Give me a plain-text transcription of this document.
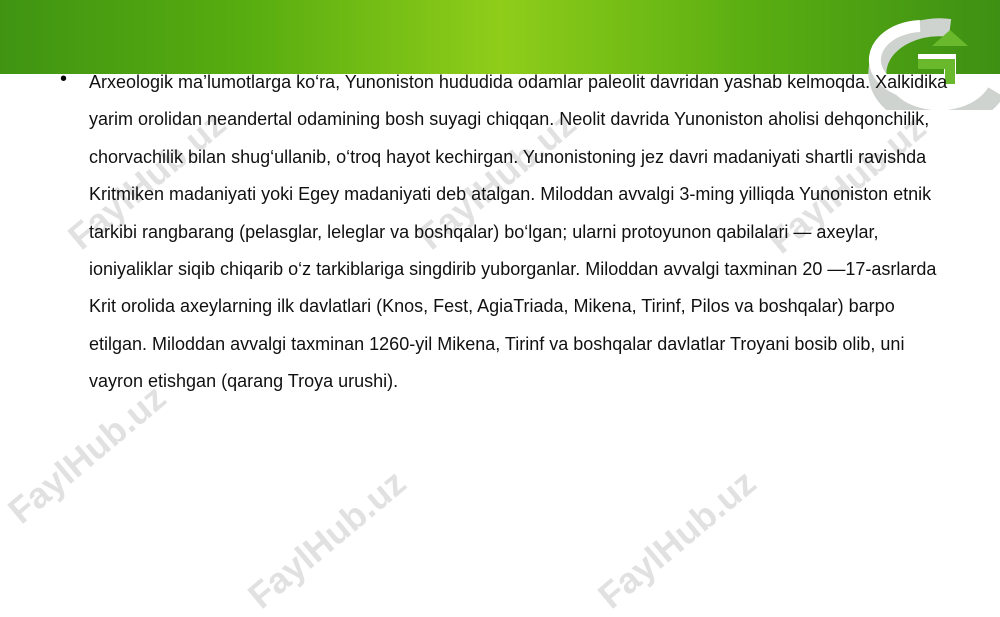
FaylHub.uz	FaylHub.uz	FaylHub.uz
FaylHub.uz
FaylHub.uz	FaylHub.uz
• Arxeologik ma’lumotlarga ko‘ra, Yunoniston hududida odamlar paleolit davridan yashab kelmoqda. Xalkidika yarim orolidan neandertal odamining bosh suyagi chiqqan. Neolit davrida Yunoniston aholisi dehqonchilik, chorvachilik bilan shug‘ullanib, o‘troq hayot kechirgan. Yunonistoning jez davri madaniyati shartli ravishda Kritmiken madaniyati yoki Egey madaniyati deb atalgan. Miloddan avvalgi 3-ming yilliqda Yunoniston etnik tarkibi rangbarang (pelasglar, leleglar va boshqalar) bo‘lgan; ularni protoyunon qabilalari — axeylar, ioniyaliklar siqib chiqarib o‘z tarkiblariga singdirib yuborganlar. Miloddan avvalgi taxminan 20 —17-asrlarda Krit orolida axeylarning ilk davlatlari (Knos, Fest, AgiaTriada, Mikena, Tirinf, Pilos va boshqalar) barpo etilgan. Miloddan avvalgi taxminan 1260-yil Mikena, Tirinf va boshqalar davlatlar Troyani bosib olib, uni vayron etishgan (qarang Troya urushi).
